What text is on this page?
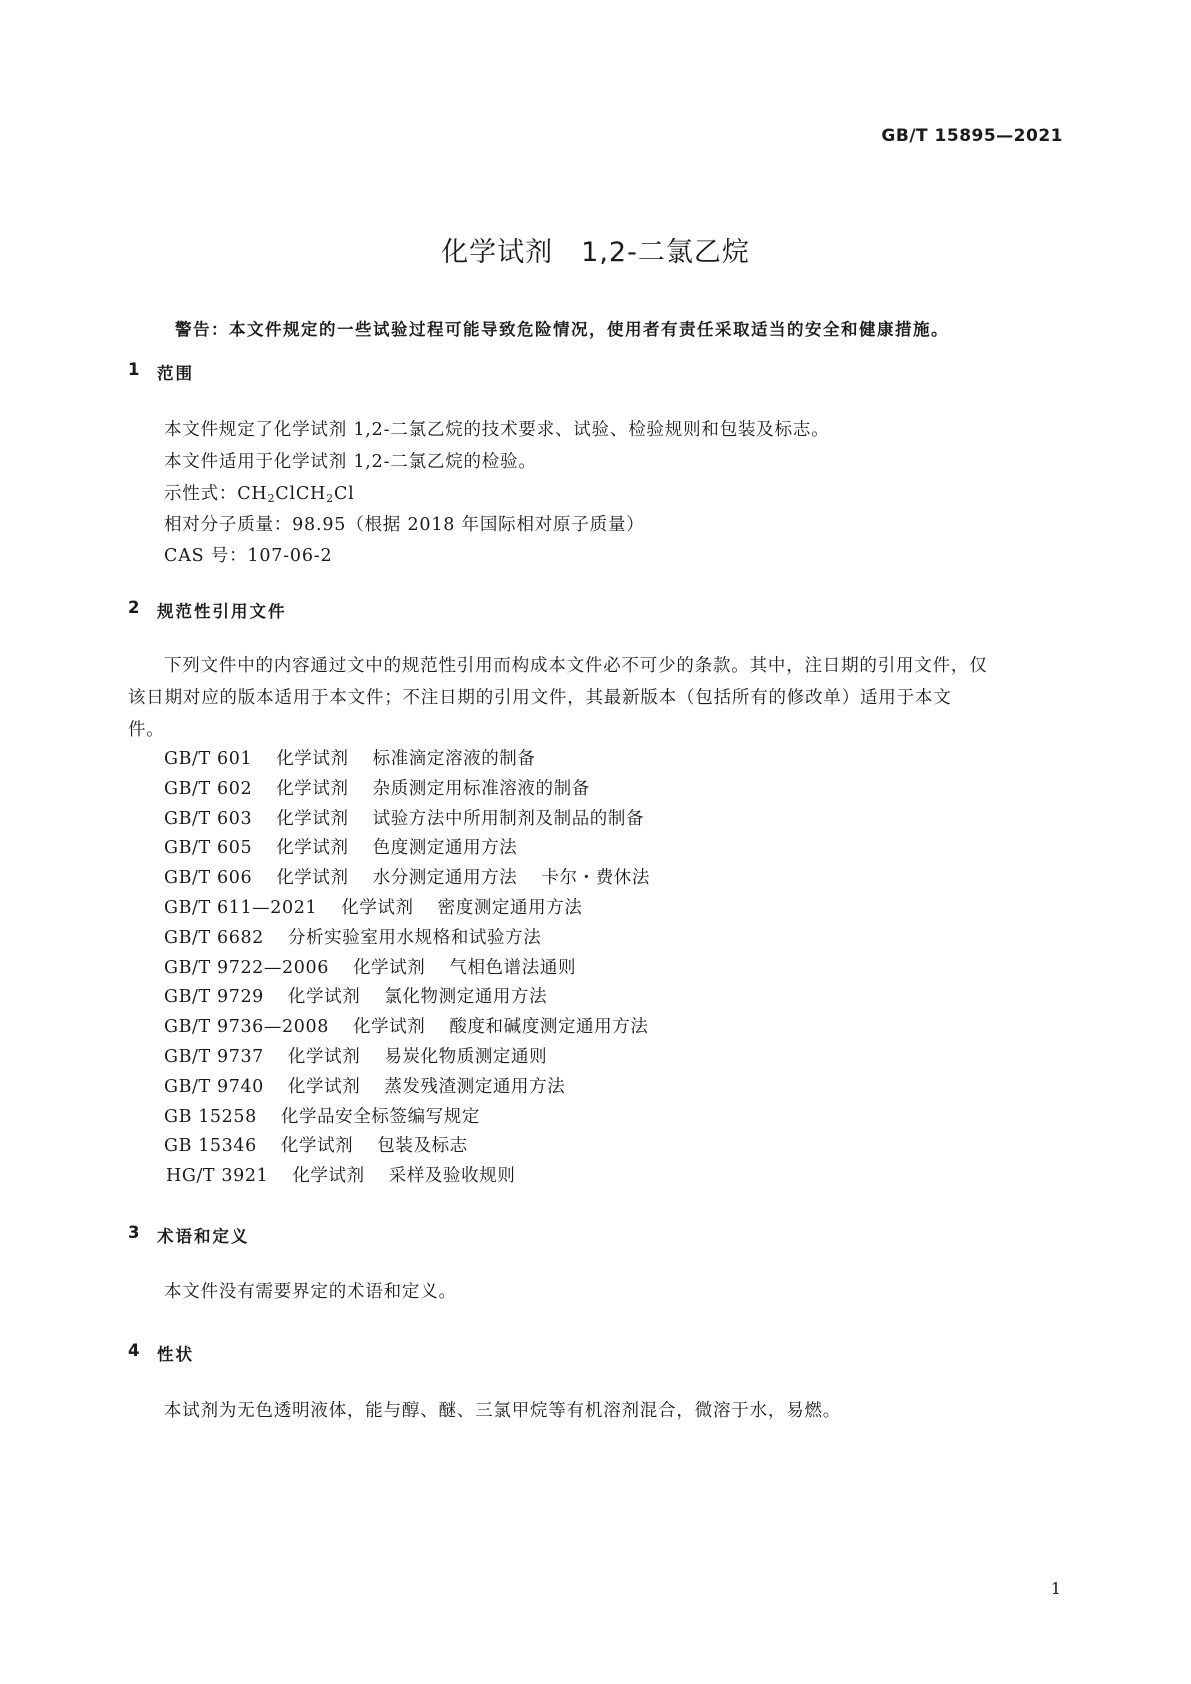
GB/T 15895—2021
化学试剂　1,2-二氯乙烷
警告：本文件规定的一些试验过程可能导致危险情况，使用者有责任采取适当的安全和健康措施。
1 范围
本文件规定了化学试剂 1,2-二氯乙烷的技术要求、试验、检验规则和包装及标志。
本文件适用于化学试剂 1,2-二氯乙烷的检验。
示性式：$CH_2ClCH_2Cl$
相对分子质量：98.95（根据 2018 年国际相对原子质量）
CAS 号：107-06-2
2 规范性引用文件
下列文件中的内容通过文中的规范性引用而构成本文件必不可少的条款。其中，注日期的引用文件，仅该日期对应的版本适用于本文件；不注日期的引用文件，其最新版本（包括所有的修改单）适用于本文件。
GB/T 601 化学试剂 标准滴定溶液的制备
GB/T 602 化学试剂 杂质测定用标准溶液的制备
GB/T 603 化学试剂 试验方法中所用制剂及制品的制备
GB/T 605 化学试剂 色度测定通用方法
GB/T 606 化学试剂 水分测定通用方法 卡尔・费休法
GB/T 611—2021 化学试剂 密度测定通用方法
GB/T 6682 分析实验室用水规格和试验方法
GB/T 9722—2006 化学试剂 气相色谱法通则
GB/T 9729 化学试剂 氯化物测定通用方法
GB/T 9736—2008 化学试剂 酸度和碱度测定通用方法
GB/T 9737 化学试剂 易炭化物质测定通则
GB/T 9740 化学试剂 蒸发残渣测定通用方法
GB 15258 化学品安全标签编写规定
GB 15346 化学试剂 包装及标志
HG/T 3921 化学试剂 采样及验收规则
3 术语和定义
本文件没有需要界定的术语和定义。
4 性状
本试剂为无色透明液体，能与醇、醚、三氯甲烷等有机溶剂混合，微溶于水，易燃。
1
